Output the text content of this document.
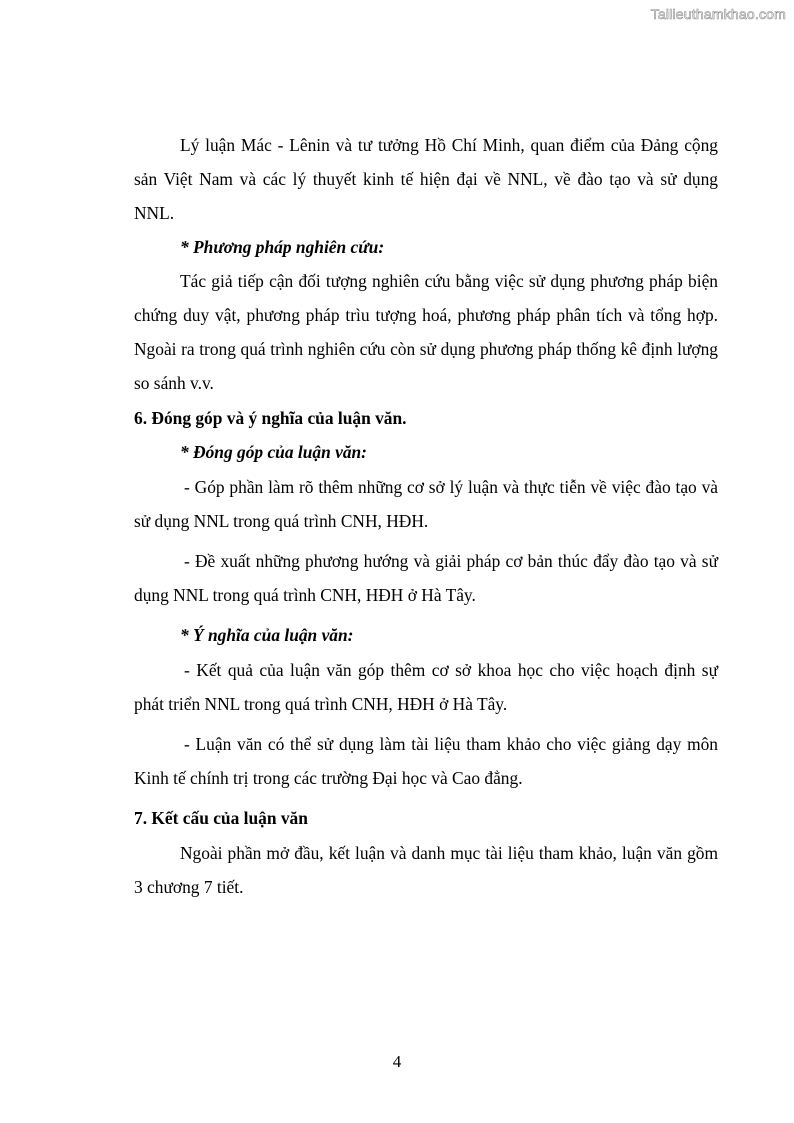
Tailieuthamkhao.com

Lý luận Mác - Lênin và tư tưởng Hồ Chí Minh, quan điểm của Đảng cộng sản Việt Nam và các lý thuyết kinh tế hiện đại về NNL, về đào tạo và sử dụng NNL.

* Phương pháp nghiên cứu:

Tác giả tiếp cận đối tượng nghiên cứu bằng việc sử dụng phương pháp biện chứng duy vật, phương pháp trìu tượng hoá, phương pháp phân tích và tổng hợp. Ngoài ra trong quá trình nghiên cứu còn sử dụng phương pháp thống kê định lượng so sánh v.v.

6. Đóng góp và ý nghĩa của luận văn.

* Đóng góp của luận văn:

- Góp phần làm rõ thêm những cơ sở lý luận và thực tiễn về việc đào tạo và sử dụng NNL trong quá trình CNH, HĐH.

- Đề xuất những phương hướng và giải pháp cơ bản thúc đẩy đào tạo và sử dụng NNL trong quá trình CNH, HĐH ở Hà Tây.

* Ý nghĩa của luận văn:

- Kết quả của luận văn góp thêm cơ sở khoa học cho việc hoạch định sự phát triển NNL trong quá trình CNH, HĐH ở Hà Tây.

- Luận văn có thể sử dụng làm tài liệu tham khảo cho việc giảng dạy môn Kinh tế chính trị trong các trường Đại học và Cao đẳng.

7. Kết cấu của luận văn

Ngoài phần mở đầu, kết luận và danh mục tài liệu tham khảo, luận văn gồm 3 chương 7 tiết.

4
